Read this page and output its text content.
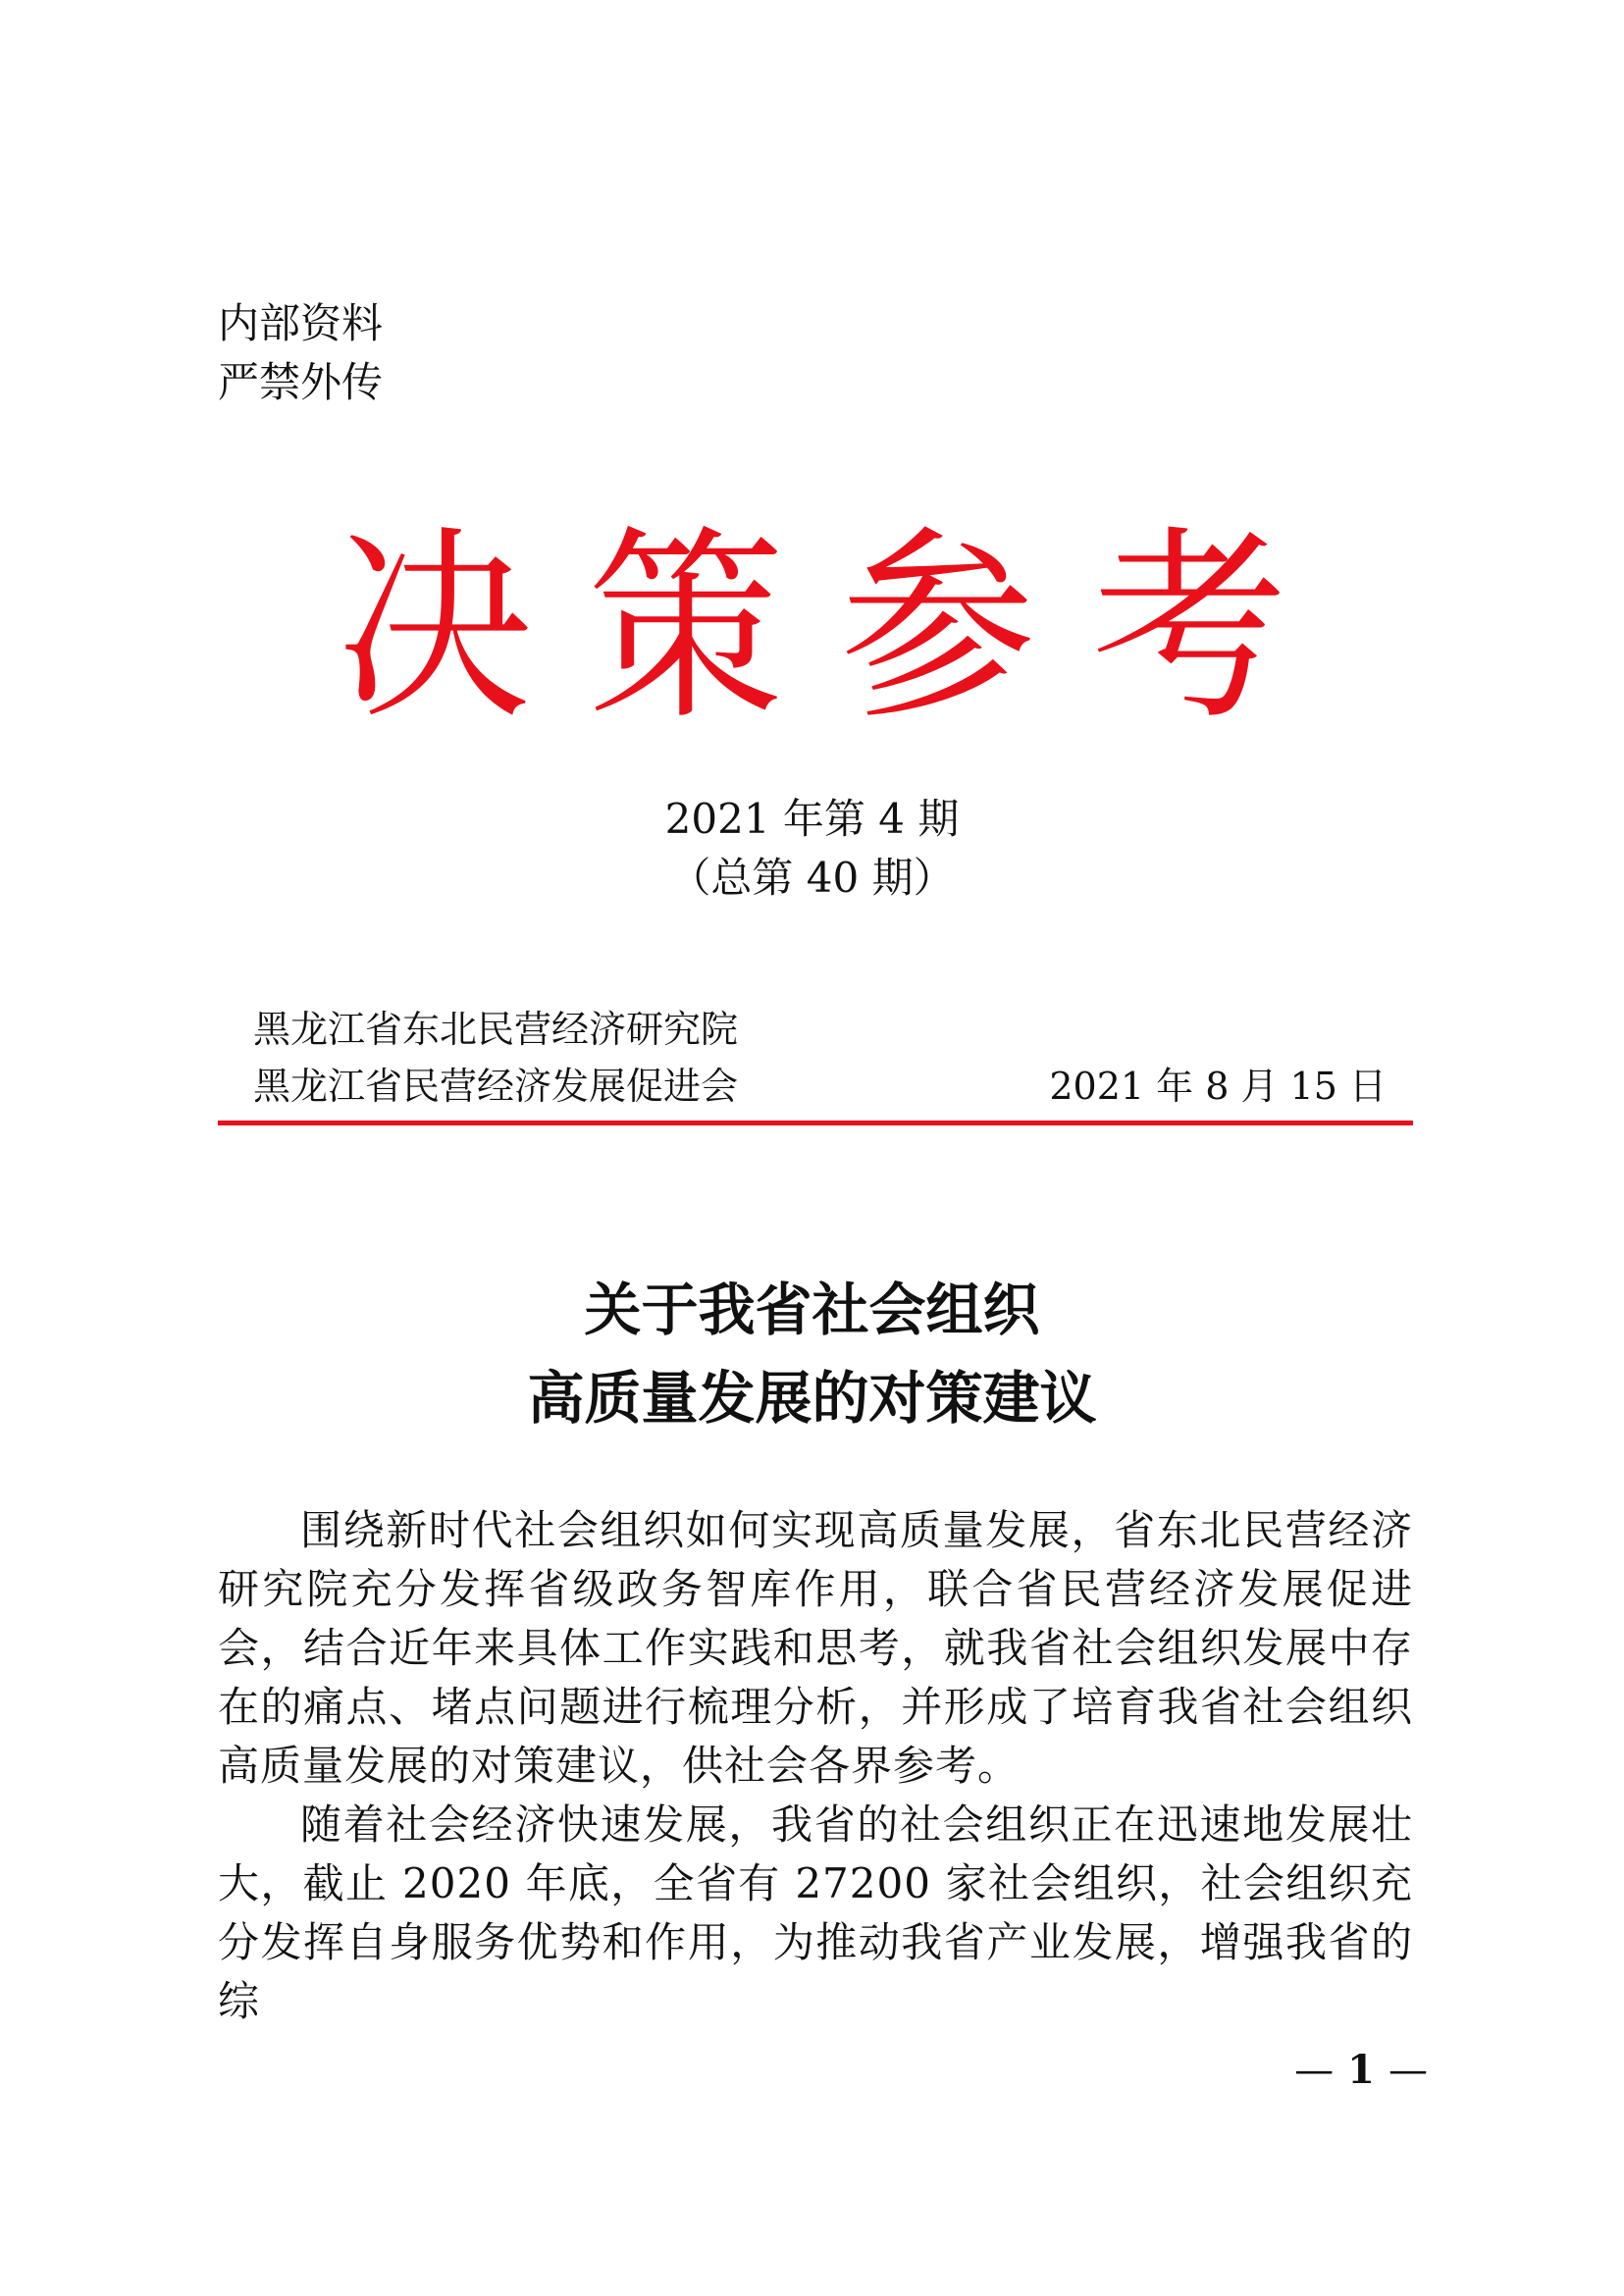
内部资料
严禁外传
决策参考
2021 年第 4 期
（总第 40 期）
黑龙江省东北民营经济研究院
黑龙江省民营经济发展促进会	2021 年 8 月 15 日
关于我省社会组织
高质量发展的对策建议

围绕新时代社会组织如何实现高质量发展，省东北民营经济研究院充分发挥省级政务智库作用，联合省民营经济发展促进会，结合近年来具体工作实践和思考，就我省社会组织发展中存在的痛点、堵点问题进行梳理分析，并形成了培育我省社会组织高质量发展的对策建议，供社会各界参考。

随着社会经济快速发展，我省的社会组织正在迅速地发展壮大，截止 2020 年底，全省有 27200 家社会组织，社会组织充分发挥自身服务优势和作用，为推动我省产业发展，增强我省的综

— 1 —
